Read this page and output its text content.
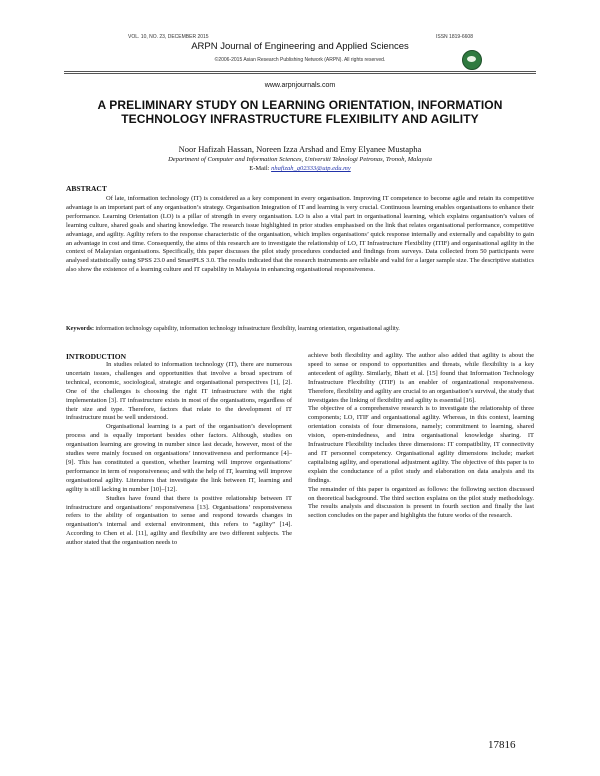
VOL. 10, NO. 23, DECEMBER 2015	ISSN 1819-6608
ARPN Journal of Engineering and Applied Sciences
©2006-2015 Asian Research Publishing Network (ARPN). All rights reserved.
www.arpnjournals.com
A PRELIMINARY STUDY ON LEARNING ORIENTATION, INFORMATION
TECHNOLOGY INFRASTRUCTURE FLEXIBILITY AND AGILITY
Noor Hafizah Hassan, Noreen Izza Arshad and Emy Elyanee Mustapha
Department of Computer and Information Sciences, Universiti Teknologi Petronas, Tronoh, Malaysia
E-Mail: nhafizah_g02333@utp.edu.my
ABSTRACT

Of late, information technology (IT) is considered as a key component in every organisation. Improving IT competence to become agile and retain its competitive advantage is an important part of any organisation’s strategy. Organisation Integration of IT and learning is very crucial. Continuous learning enables organisations to enhance their performance. Learning Orientation (LO) is a pillar of strength in every organisation. LO is also a vital part in organisational learning, which explains organisation’s values of learning culture, shared goals and sharing knowledge. The research issue highlighted in prior studies emphasised on the link that relates organisational performance, competitive advantage, and agility. Agility refers to the response characteristic of the organisation, which implies organisations’ quick response internally and externally and capability to gain an advantage in cost and time. Consequently, the aims of this research are to investigate the relationship of LO, IT Infrastructure Flexibility (ITIF) and organisational agility in the context of Malaysian organisations. Specifically, this paper discusses the pilot study procedures conducted and findings from surveys. Data collected from 50 participants were analysed statistically using SPSS 23.0 and SmartPLS 3.0. The results indicated that the research instruments are reliable and valid for a larger sample size. The descriptive statistics also show the existence of a learning culture and IT capability in Malaysia in enhancing organisational responsiveness.

Keywords: information technology capability, information technology infrastructure flexibility, learning orientation, organisational agility.
INTRODUCTION

In studies related to information technology (IT), there are numerous uncertain issues, challenges and opportunities that involve a broad spectrum of technical, economic, sociological, strategic and organisational perspectives [1], [2]. One of the challenges is choosing the right IT infrastructure with the right implementation [3]. IT infrastructure exists in most of the organisations, regardless of their size and type. Therefore, factors that relate to the development of IT infrastructure must be well understood.

Organisational learning is a part of the organisation’s development process and is equally important besides other factors. Although, studies on organisation learning are growing in number since last decade, however, most of the studies were mainly focused on organisations’ innovativeness and performance [4]–[9]. This has constituted a question, whether learning will improve organisations’ performance in term of responsiveness; and with the help of IT, learning will improve organisational agility. Literatures that investigate the link between IT, learning and agility is still lacking in number [10]–[12].

Studies have found that there is positive relationship between IT infrastructure and organisations’ responsiveness [13]. Organisations’ responsiveness refers to the ability of organisation to sense and respond towards changes in organisation’s internal and external environment, this refers to “agility” [14]. According to Chen et al. [11], agility and flexibility are two different subjects. The author stated that the organisation needs to

achieve both flexibility and agility. The author also added that agility is about the speed to sense or respond to opportunities and threats, while flexibility is a key antecedent of agility. Similarly, Bhatt et al. [15] found that Information Technology Infrastructure Flexibility (ITIF) is an enabler of organizational responsiveness. Therefore, flexibility and agility are crucial to an organisation’s survival, the study that investigates the linking of flexibility and agility is essential [16].

The objective of a comprehensive research is to investigate the relationship of three components; LO, ITIF and organisational agility. Whereas, in this context, learning orientation consists of four dimensions, namely; commitment to learning, shared vision, open-mindedness, and intra organisational knowledge sharing. IT Infrastructure Flexibility includes three dimensions: IT compatibility, IT connectivity and IT personnel competency. Organisational agility dimensions include; market capitalising agility, and operational adjustment agility. The objective of this paper is to explain the conductance of a pilot study and elaboration on data analysis and its findings.

The remainder of this paper is organized as follows: the following section discussed on theoretical background. The third section explains on the pilot study methodology. The results analysis and discussion is present in fourth section and finally the last section concludes on the paper and highlights the future works of the research.

17816
